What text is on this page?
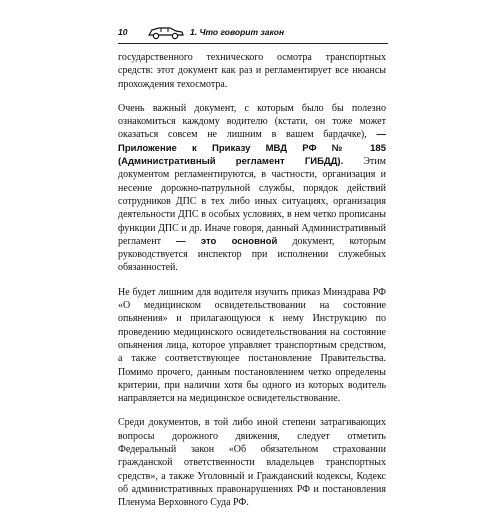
10	1. Что говорит закон

государственного технического осмотра транспортных средств: этот документ как раз и регламентирует все нюансы прохождения техосмотра.

Очень важный документ, с которым было бы полезно ознакомиться каждому водителю (кстати, он тоже может оказаться совсем не лишним в вашем бардачке), — Приложение к Приказу МВД РФ № 185 (Административный регламент ГИБДД). Этим документом регламентируются, в частности, организация и несение дорожно-патрульной службы, порядок действий сотрудников ДПС в тех либо иных ситуациях, организация деятельности ДПС в особых условиях, в нем четко прописаны функции ДПС и др. Иначе говоря, данный Административный регламент — это основной документ, которым руководствуется инспектор при исполнении служебных обязанностей.

Не будет лишним для водителя изучить приказ Минздрава РФ «О медицинском освидетельствовании на состояние опьянения» и прилагающуюся к нему Инструкцию по проведению медицинского освидетельствования на состояние опьянения лица, которое управляет транспортным средством, а также соответствующее постановление Правительства. Помимо прочего, данным постановлением четко определены критерии, при наличии хотя бы одного из которых водитель направляется на медицинское освидетельствование.

Среди документов, в той либо иной степени затрагивающих вопросы дорожного движения, следует отметить Федеральный закон «Об обязательном страховании гражданской ответственности владельцев транспортных средств», а также Уголовный и Гражданский кодексы, Кодекс об административных правонарушениях РФ и постановления Пленума Верховного Суда РФ.
